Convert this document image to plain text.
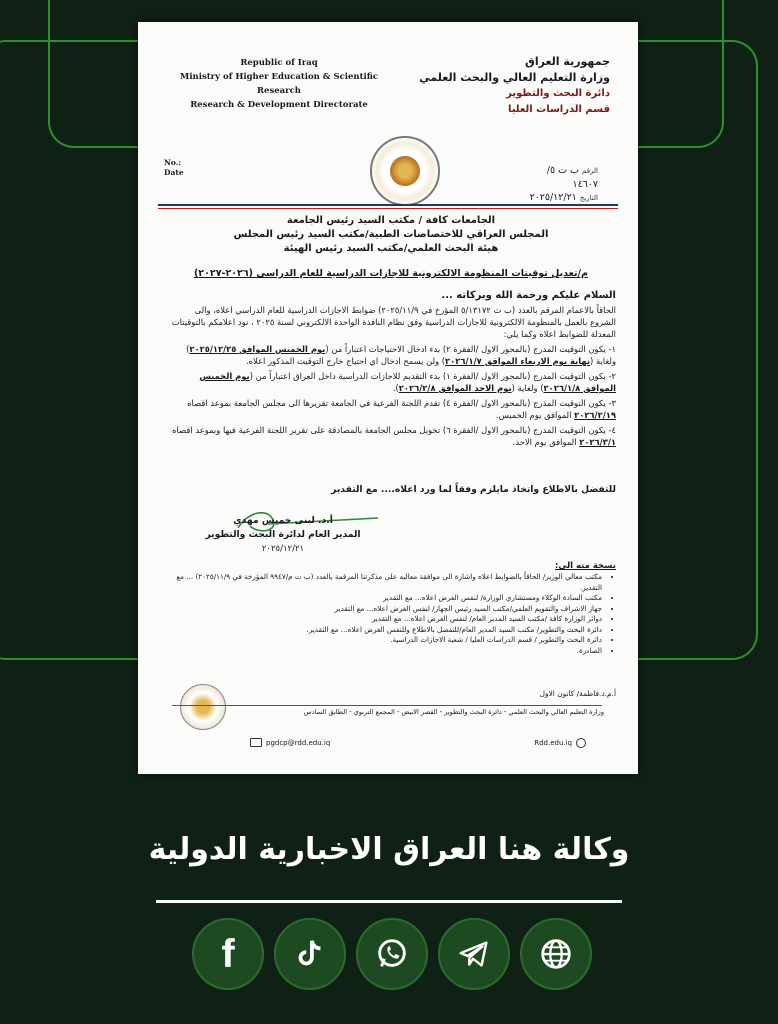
Republic of Iraq
Ministry of Higher Education & Scientific
Research
Research & Development Directorate
No.:
Date
جمهورية العراق
وزارة التعليم العالي والبحث العلمي
دائرة البحث والتطوير
قسم الدراسات العليا
الرقم ب ت ٥/
١٤٦٠٧
التاريخ ٢٠٢٥/١٢/٢١
الجامعات كافة / مكتب السيد رئيس الجامعة
المجلس العراقي للاختصاصات الطبية/مكتب السيد رئيس المجلس
هيئة البحث العلمي/مكتب السيد رئيس الهيئة
م/تعديل توقيتات المنظومة الالكترونية للاجازات الدراسية للعام الدراسي (٢٠٢٦-٢٠٢٧)
السلام عليكم ورحمة الله وبركاته ...

الحاقاً بالاعمام المرقم بالعدد (ب ت ٥/١٣١٧٢ المؤرخ في ٢٠٢٥/١١/٩) ضوابط الاجازات الدراسية للعام الدراسي اعلاه، والى الشروع بالعمل بالمنظومة الالكترونية للاجازات الدراسية وفق نظام النافذة الواحدة الالكتروني لسنة ٢٠٢٥ ، نود اعلامكم بالتوقيتات المعدلة للضوابط اعلاه وكما يلي:

١- يكون التوقيت المدرج (بالمحور الاول /الفقرة ٢) بدء ادخال الاحتياجات اعتباراً من (يوم الخميس الموافق ٢٠٢٥/١٢/٢٥) ولغاية (نهاية يوم الاربعاء الموافق ٢٠٢٦/١/٧) ولن يسمح ادخال اي احتياج خارج التوقيت المذكور اعلاه.

٢- يكون التوقيت المدرج (بالمحور الاول /الفقرة ١) بدء التقديم للاجازات الدراسية داخل العراق اعتباراً من (يوم الخميس الموافق ٢٠٢٦/١/٨) ولغاية (يوم الاحد الموافق ٢٠٢٦/٢/٨).

٣- يكون التوقيت المدرج (بالمحور الاول /الفقرة ٤) تقدم اللجنة الفرعية في الجامعة تقريرها الى مجلس الجامعة بموعد اقصاه ٢٠٢٦/٢/١٩ الموافق يوم الخميس.

٤- يكون التوقيت المدرج (بالمحور الاول /الفقرة ٦) تخويل مجلس الجامعة بالمصادقة على تقرير اللجنة الفرعية فيها وبموعد اقصاه ٢٠٢٦/٣/١ الموافق يوم الاحد.

للتفضل بالاطلاع واتخاذ مايلزم وفقاً لما ورد اعلاه.... مع التقدير
أ.د. لبنى خميس مهدي
المدير العام لدائرة البحث والتطوير
٢٠٢٥/١٢/٢١
نسخة منه الى:
• مكتب معالي الوزير/ الحاقاً بالضوابط اعلاه واشارة الى موافقة معاليه على مذكرتنا المرقمة بالعدد (ب ت م/٩٩٤٧ المؤرخة في ٢٠٢٥/١١/٩) ... مع التقدير.
• مكتب السادة الوكلاء ومستشاري الوزارة/ لنفس الغرض اعلاه... مع التقدير
• جهاز الاشراف والتقويم العلمي/مكتب السيد رئيس الجهاز/ لنفس الغرض اعلاه... مع التقدير
• دوائر الوزارة كافة /مكتب السيد المدير العام/ لنفس الغرض اعلاه... مع التقدير
• دائرة البحث والتطوير/ مكتب السيد المدير العام/للتفضل بالاطلاع وللنفس الغرض اعلاه... مع التقدير.
• دائرة البحث والتطوير / قسم الدراسات العليا / شعبة الاجازات الدراسية.
• الصادرة.
أ.م.د.فاطمة/ كانون الاول
وزارة التعليم العالي والبحث العلمي - دائرة البحث والتطوير - القصر الابيض - المجمع التربوي - الطابق السادس
pgdcp@rdd.edu.iq	Rdd.edu.iq
وكالة هنا العراق الاخبارية الدولية
f
